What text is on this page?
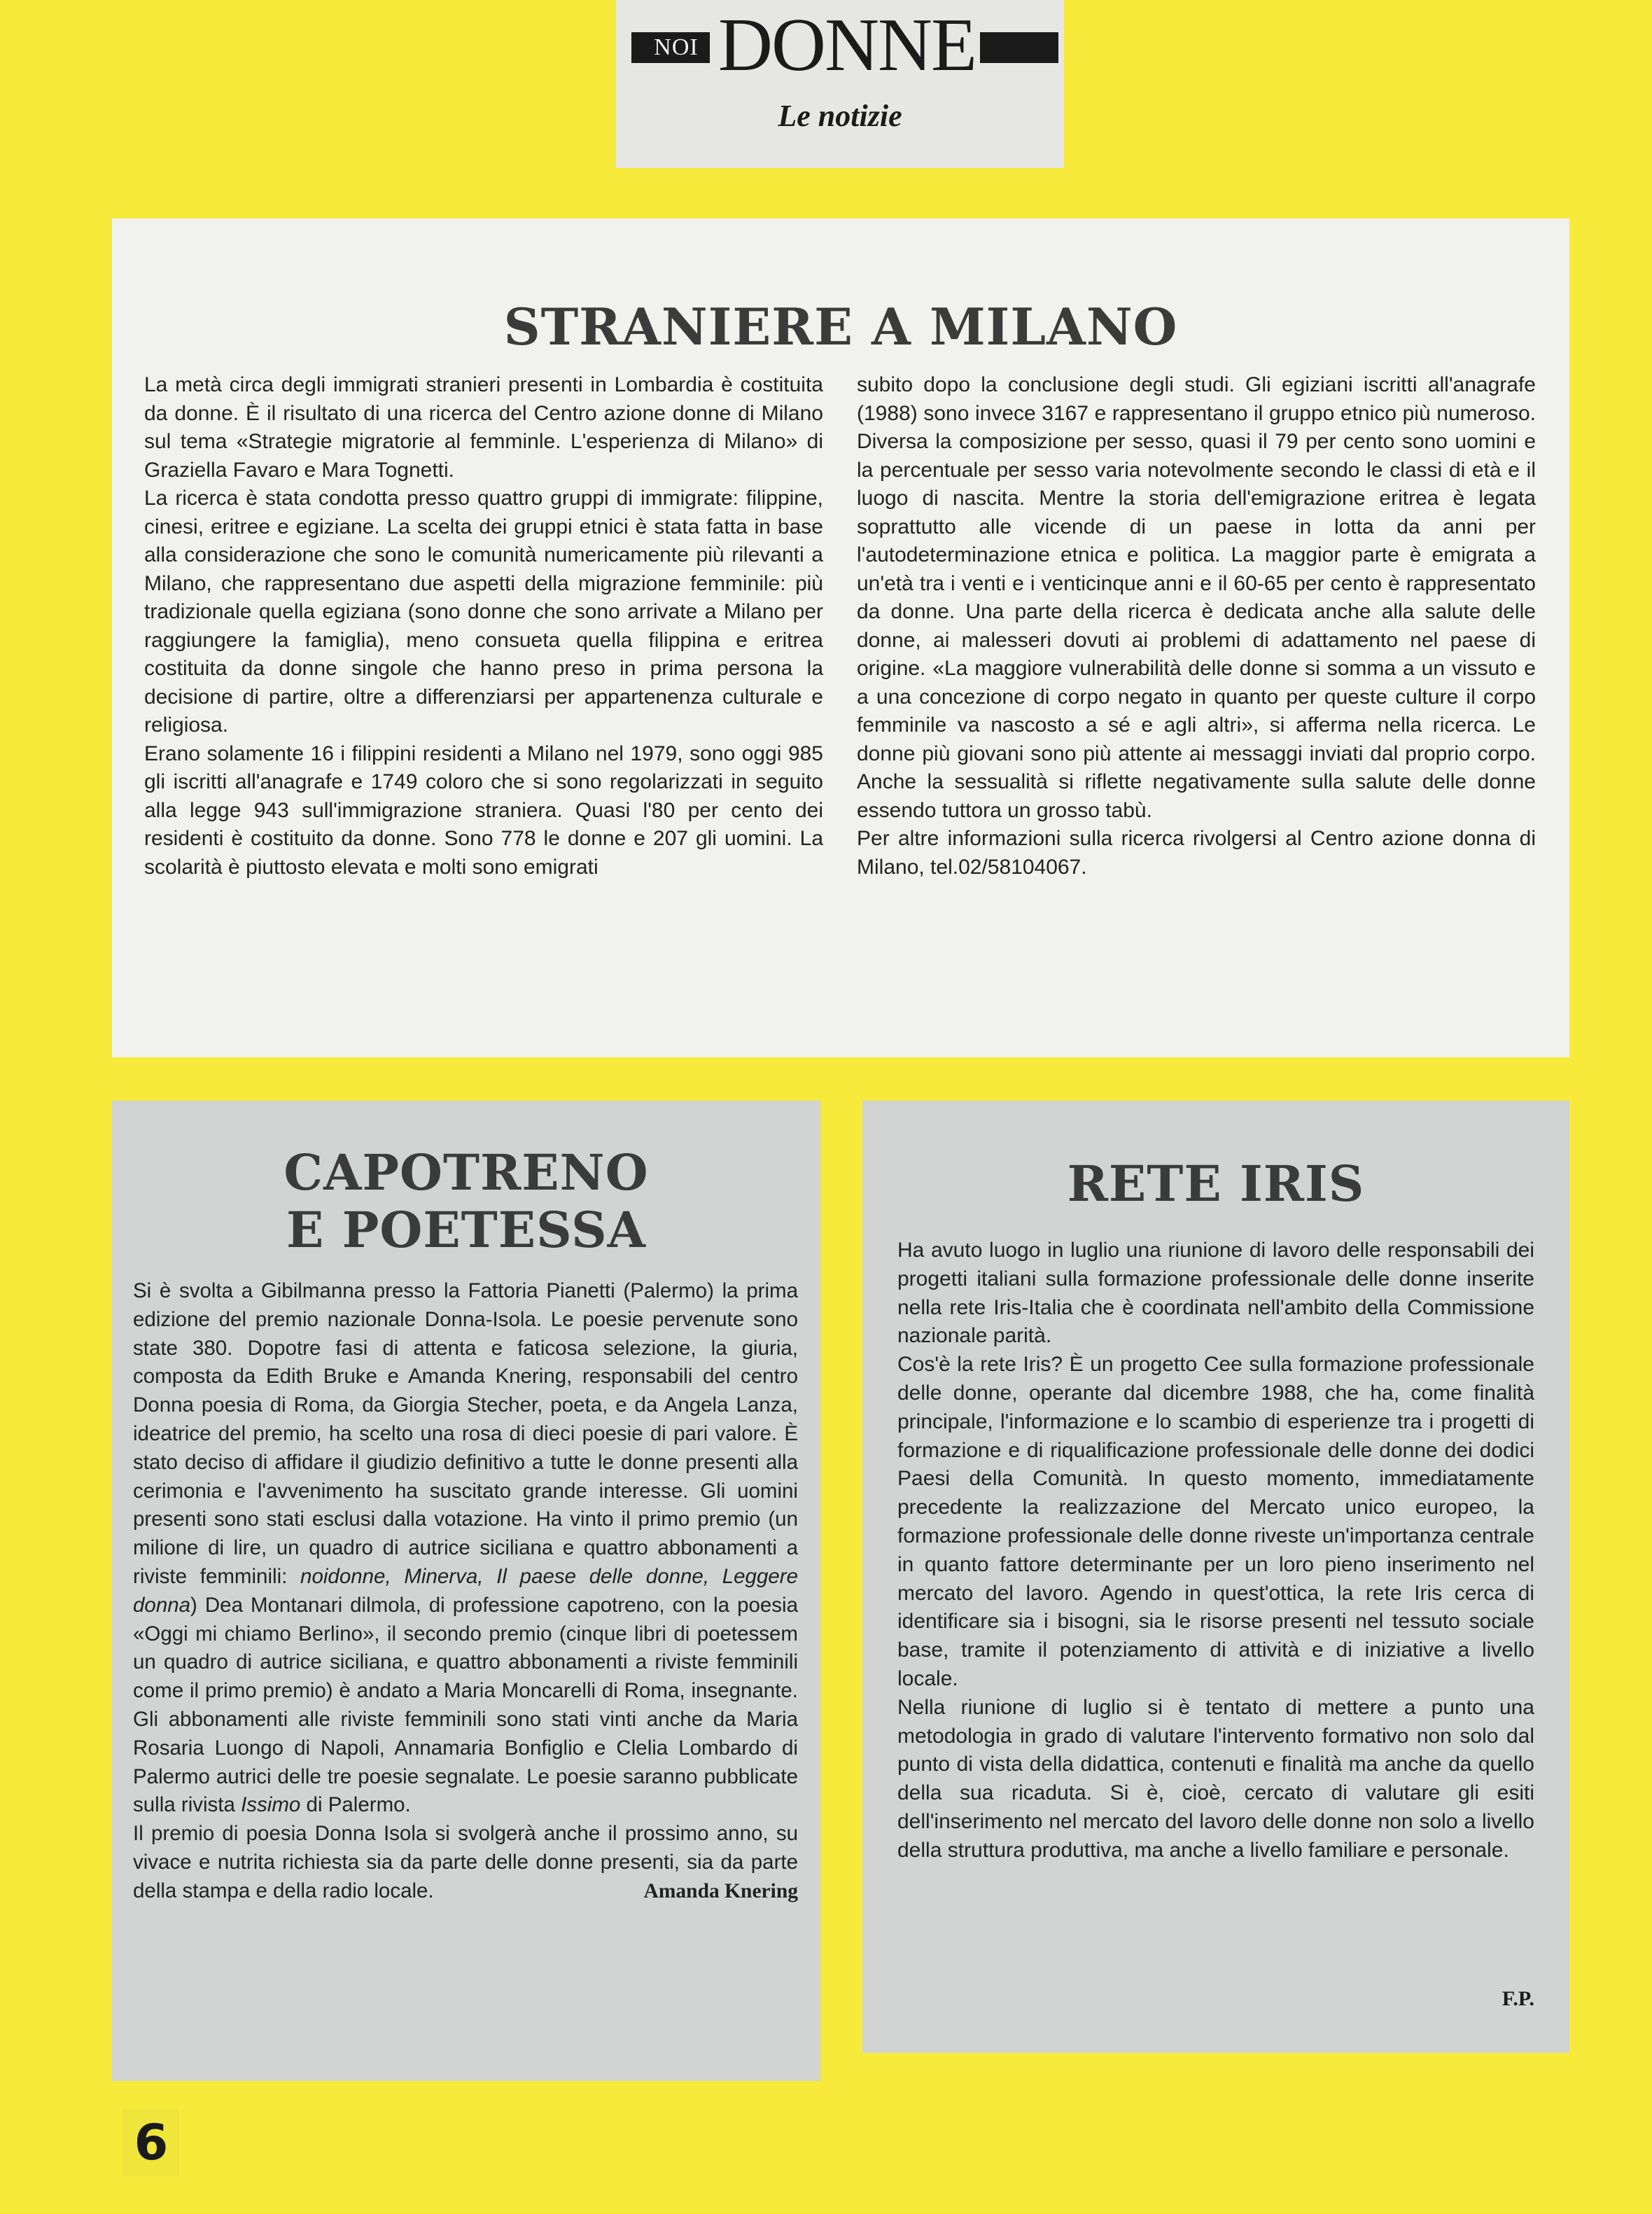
NOI DONNE
Le notizie
STRANIERE A MILANO

La metà circa degli immigrati stranieri presenti in Lombardia è costituita da donne. È il risultato di una ricerca del Centro azione donne di Milano sul tema «Strategie migratorie al femminle. L'esperienza di Milano» di Graziella Favaro e Mara Tognetti.

La ricerca è stata condotta presso quattro gruppi di immigrate: filippine, cinesi, eritree e egiziane. La scelta dei gruppi etnici è stata fatta in base alla considerazione che sono le comunità numericamente più rilevanti a Milano, che rappresentano due aspetti della migrazione femminile: più tradizionale quella egiziana (sono donne che sono arrivate a Milano per raggiungere la famiglia), meno consueta quella filippina e eritrea costituita da donne singole che hanno preso in prima persona la decisione di partire, oltre a differenziarsi per appartenenza culturale e religiosa.

Erano solamente 16 i filippini residenti a Milano nel 1979, sono oggi 985 gli iscritti all'anagrafe e 1749 coloro che si sono regolarizzati in seguito alla legge 943 sull'immigrazione straniera. Quasi l'80 per cento dei residenti è costituito da donne. Sono 778 le donne e 207 gli uomini. La scolarità è piuttosto elevata e molti sono emigrati

subito dopo la conclusione degli studi. Gli egiziani iscritti all'anagrafe (1988) sono invece 3167 e rappresentano il gruppo etnico più numeroso. Diversa la composizione per sesso, quasi il 79 per cento sono uomini e la percentuale per sesso varia notevolmente secondo le classi di età e il luogo di nascita. Mentre la storia dell'emigrazione eritrea è legata soprattutto alle vicende di un paese in lotta da anni per l'autodeterminazione etnica e politica. La maggior parte è emigrata a un'età tra i venti e i venticinque anni e il 60-65 per cento è rappresentato da donne. Una parte della ricerca è dedicata anche alla salute delle donne, ai malesseri dovuti ai problemi di adattamento nel paese di origine. «La maggiore vulnerabilità delle donne si somma a un vissuto e a una concezione di corpo negato in quanto per queste culture il corpo femminile va nascosto a sé e agli altri», si afferma nella ricerca. Le donne più giovani sono più attente ai messaggi inviati dal proprio corpo. Anche la sessualità si riflette negativamente sulla salute delle donne essendo tuttora un grosso tabù.

Per altre informazioni sulla ricerca rivolgersi al Centro azione donna di Milano, tel.02/58104067.

CAPOTRENO
E POETESSA

Si è svolta a Gibilmanna presso la Fattoria Pianetti (Palermo) la prima edizione del premio nazionale Donna-Isola. Le poesie pervenute sono state 380. Dopotre fasi di attenta e faticosa selezione, la giuria, composta da Edith Bruke e Amanda Knering, responsabili del centro Donna poesia di Roma, da Giorgia Stecher, poeta, e da Angela Lanza, ideatrice del premio, ha scelto una rosa di dieci poesie di pari valore. È stato deciso di affidare il giudizio definitivo a tutte le donne presenti alla cerimonia e l'avvenimento ha suscitato grande interesse. Gli uomini presenti sono stati esclusi dalla votazione. Ha vinto il primo premio (un milione di lire, un quadro di autrice siciliana e quattro abbonamenti a riviste femminili: noidonne, Minerva, Il paese delle donne, Leggere donna) Dea Montanari dilmola, di professione capotreno, con la poesia «Oggi mi chiamo Berlino», il secondo premio (cinque libri di poetessem un quadro di autrice siciliana, e quattro abbonamenti a riviste femminili come il primo premio) è andato a Maria Moncarelli di Roma, insegnante. Gli abbonamenti alle riviste femminili sono stati vinti anche da Maria Rosaria Luongo di Napoli, Annamaria Bonfiglio e Clelia Lombardo di Palermo autrici delle tre poesie segnalate. Le poesie saranno pubblicate sulla rivista Issimo di Palermo.

Il premio di poesia Donna Isola si svolgerà anche il prossimo anno, su vivace e nutrita richiesta sia da parte delle donne presenti, sia da parte della stampa e della radio locale.	Amanda Knering

RETE IRIS

Ha avuto luogo in luglio una riunione di lavoro delle responsabili dei progetti italiani sulla formazione professionale delle donne inserite nella rete Iris-Italia che è coordinata nell'ambito della Commissione nazionale parità.

Cos'è la rete Iris? È un progetto Cee sulla formazione professionale delle donne, operante dal dicembre 1988, che ha, come finalità principale, l'informazione e lo scambio di esperienze tra i progetti di formazione e di riqualificazione professionale delle donne dei dodici Paesi della Comunità. In questo momento, immediatamente precedente la realizzazione del Mercato unico europeo, la formazione professionale delle donne riveste un'importanza centrale in quanto fattore determinante per un loro pieno inserimento nel mercato del lavoro. Agendo in quest'ottica, la rete Iris cerca di identificare sia i bisogni, sia le risorse presenti nel tessuto sociale base, tramite il potenziamento di attività e di iniziative a livello locale.

Nella riunione di luglio si è tentato di mettere a punto una metodologia in grado di valutare l'intervento formativo non solo dal punto di vista della didattica, contenuti e finalità ma anche da quello della sua ricaduta. Si è, cioè, cercato di valutare gli esiti dell'inserimento nel mercato del lavoro delle donne non solo a livello della struttura produttiva, ma anche a livello familiare e personale.

F.P.
6
